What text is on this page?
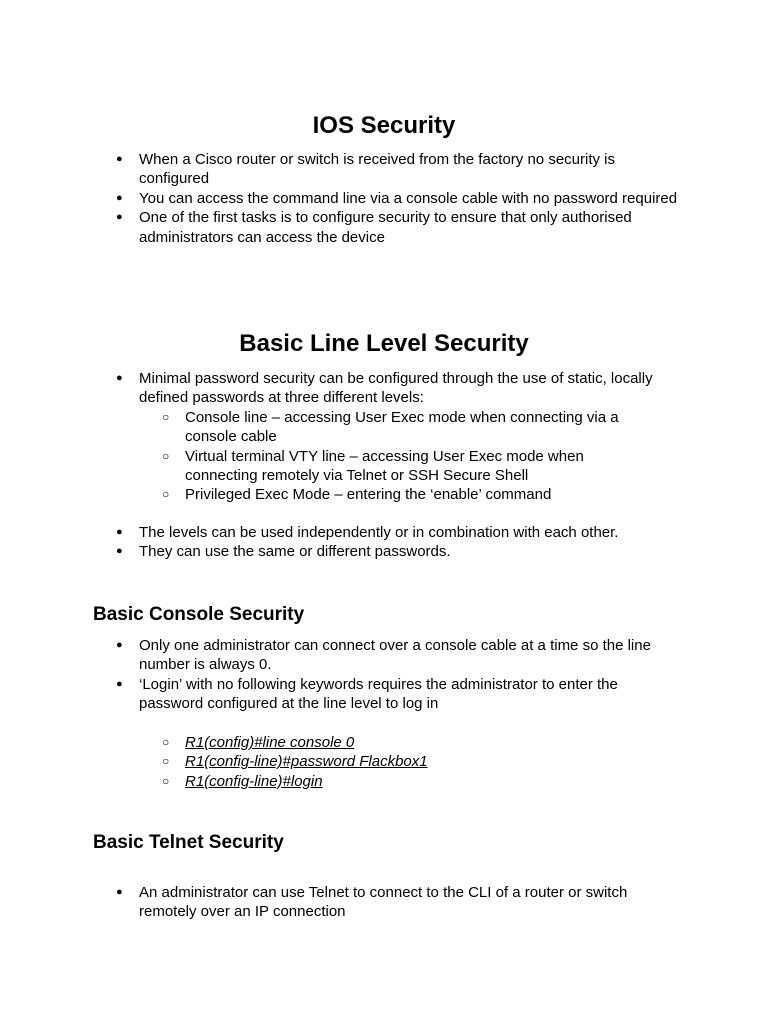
IOS Security
● When a Cisco router or switch is received from the factory no security is configured
● You can access the command line via a console cable with no password required
● One of the first tasks is to configure security to ensure that only authorised administrators can access the device
Basic Line Level Security
● Minimal password security can be configured through the use of static, locally defined passwords at three different levels:
○ Console line – accessing User Exec mode when connecting via a console cable
○ Virtual terminal VTY line – accessing User Exec mode when connecting remotely via Telnet or SSH Secure Shell
○ Privileged Exec Mode – entering the ‘enable’ command
● The levels can be used independently or in combination with each other.
● They can use the same or different passwords.
Basic Console Security
● Only one administrator can connect over a console cable at a time so the line number is always 0.
● ‘Login’ with no following keywords requires the administrator to enter the password configured at the line level to log in
○ R1(config)#line console 0
○ R1(config-line)#password Flackbox1
○ R1(config-line)#login
Basic Telnet Security
● An administrator can use Telnet to connect to the CLI of a router or switch remotely over an IP connection
